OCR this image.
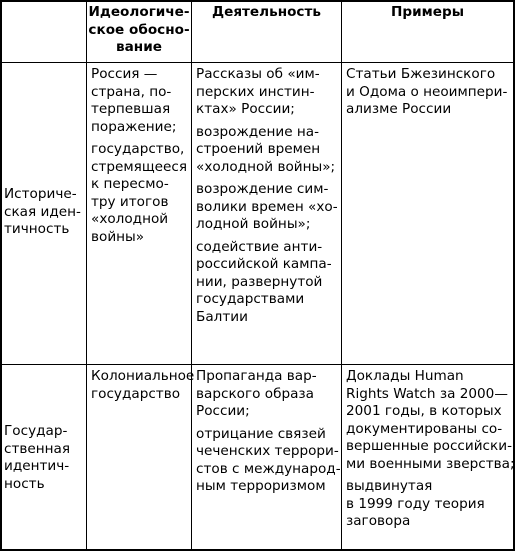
Идеологиче-
ское обосно-
вание
Деятельность	Примеры
Историче-
ская иден-
тичность
Россия —
страна, по-
терпевшая
поражение;
государство,
стремящееся
к пересмо-
тру итогов
«холодной
войны»
Рассказы об «им-
перских инстин-
ктах» России;
возрождение на-
строений времен
«холодной войны»;
возрождение сим-
волики времен «хо-
лодной войны»;
содействие анти-
российской кампа-
нии, развернутой
государствами
Балтии
Статьи Бжезинского
и Одома о неоимпери-
ализме России
Государ-
ственная
идентич-
ность
Колониальное
государство
Пропаганда вар-
варского образа
России;
отрицание связей
чеченских террори-
стов с международ-
ным терроризмом
Доклады Human
Rights Watch за 2000—
2001 годы, в которых
документированы со-
вершенные российски-
ми военными зверства;
выдвинутая
в 1999 году теория
заговора
